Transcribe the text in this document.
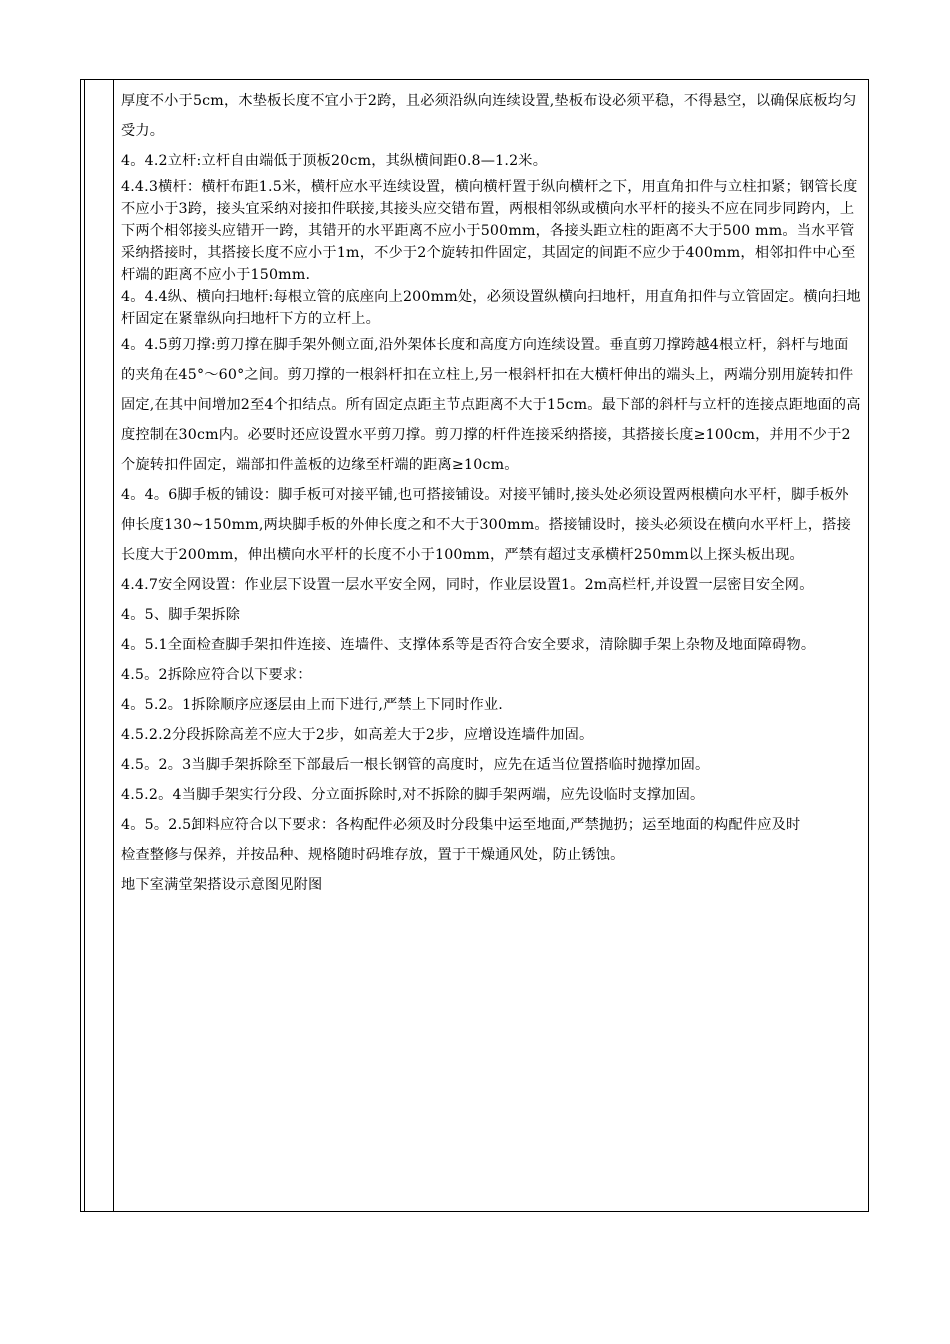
厚度不小于5cm，木垫板长度不宜小于2跨，且必须沿纵向连续设置,垫板布设必须平稳，不得悬空，以确保底板均匀受力。

4。4.2立杆:立杆自由端低于顶板20cm，其纵横间距0.8—1.2米。

4.4.3横杆：横杆布距1.5米，横杆应水平连续设置，横向横杆置于纵向横杆之下，用直角扣件与立柱扣紧；钢管长度不应小于3跨，接头宜采纳对接扣件联接,其接头应交错布置，两根相邻纵或横向水平杆的接头不应在同步同跨内，上下两个相邻接头应错开一跨，其错开的水平距离不应小于500mm，各接头距立柱的距离不大于500 mm。当水平管采纳搭接时，其搭接长度不应小于1m，不少于2个旋转扣件固定，其固定的间距不应少于400mm，相邻扣件中心至杆端的距离不应小于150mm.

4。4.4纵、横向扫地杆:每根立管的底座向上200mm处，必须设置纵横向扫地杆，用直角扣件与立管固定。横向扫地杆固定在紧靠纵向扫地杆下方的立杆上。

4。4.5剪刀撑:剪刀撑在脚手架外侧立面,沿外架体长度和高度方向连续设置。垂直剪刀撑跨越4根立杆，斜杆与地面的夹角在45°～60°之间。剪刀撑的一根斜杆扣在立柱上,另一根斜杆扣在大横杆伸出的端头上，两端分别用旋转扣件固定,在其中间增加2至4个扣结点。所有固定点距主节点距离不大于15cm。最下部的斜杆与立杆的连接点距地面的高度控制在30cm内。必要时还应设置水平剪刀撑。剪刀撑的杆件连接采纳搭接，其搭接长度≥100cm，并用不少于2个旋转扣件固定，端部扣件盖板的边缘至杆端的距离≥10cm。

4。4。6脚手板的铺设：脚手板可对接平铺,也可搭接铺设。对接平铺时,接头处必须设置两根横向水平杆，脚手板外伸长度130~150mm,两块脚手板的外伸长度之和不大于300mm。搭接铺设时，接头必须设在横向水平杆上，搭接长度大于200mm，伸出横向水平杆的长度不小于100mm，严禁有超过支承横杆250mm以上探头板出现。

4.4.7安全网设置：作业层下设置一层水平安全网，同时，作业层设置1。2m高栏杆,并设置一层密目安全网。

4。5、脚手架拆除

4。5.1全面检查脚手架扣件连接、连墙件、支撑体系等是否符合安全要求，清除脚手架上杂物及地面障碍物。

4.5。2拆除应符合以下要求：

4。5.2。1拆除顺序应逐层由上而下进行,严禁上下同时作业.

4.5.2.2分段拆除高差不应大于2步，如高差大于2步，应增设连墙件加固。

4.5。2。3当脚手架拆除至下部最后一根长钢管的高度时，应先在适当位置搭临时抛撑加固。

4.5.2。4当脚手架实行分段、分立面拆除时,对不拆除的脚手架两端，应先设临时支撑加固。

4。5。2.5卸料应符合以下要求：各构配件必须及时分段集中运至地面,严禁抛扔；运至地面的构配件应及时

检查整修与保养，并按品种、规格随时码堆存放，置于干燥通风处，防止锈蚀。

地下室满堂架搭设示意图见附图
